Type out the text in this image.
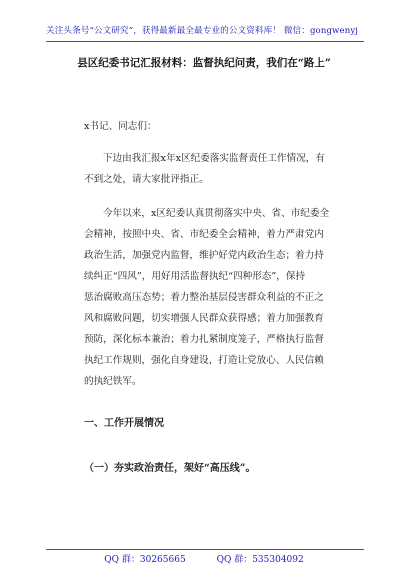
关注头条号“公文研究”，获得最新最全最专业的公文资料库！ 微信：gongwenyj
县区纪委书记汇报材料：监督执纪问责，我们在“路上”

x书记、同志们：

下边由我汇报x年x区纪委落实监督责任工作情况，有
不到之处，请大家批评指正。

今年以来，x区纪委认真贯彻落实中央、省、市纪委全
会精神，按照中央、省、市纪委全会精神，着力严肃党内
政治生活，加强党内监督，维护好党内政治生态；着力持
续纠正“四风”，用好用活监督执纪“四种形态”，保持
惩治腐败高压态势；着力整治基层侵害群众利益的不正之
风和腐败问题，切实增强人民群众获得感；着力加强教育
预防，深化标本兼治；着力扎紧制度笼子，严格执行监督
执纪工作规则，强化自身建设，打造让党放心、人民信赖
的执纪铁军。

一、工作开展情况
（一）夯实政治责任，架好“高压线”。
QQ 群：30265665	QQ 群：535304092
